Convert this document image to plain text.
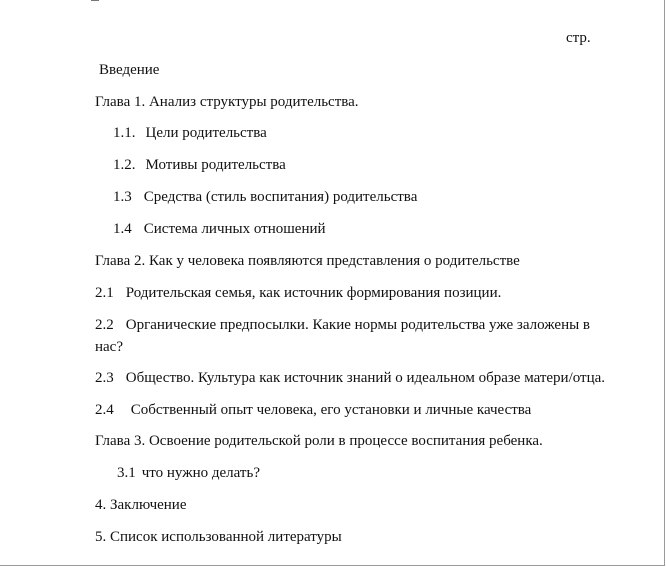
стр.
Введение
Глава 1. Анализ структуры родительства.
1.1. Цели родительства
1.2. Мотивы родительства
1.3 Средства (стиль воспитания) родительства
1.4 Система личных отношений
Глава 2. Как у человека появляются представления о родительстве
2.1 Родительская семья, как источник формирования позиции.
2.2 Органические предпосылки. Какие нормы родительства уже заложены в
нас?
2.3 Общество. Культура как источник знаний о идеальном образе матери/отца.
2.4 Собственный опыт человека, его установки и личные качества
Глава 3. Освоение родительской роли в процессе воспитания ребенка.
3.1 что нужно делать?
4. Заключение
5. Список использованной литературы
